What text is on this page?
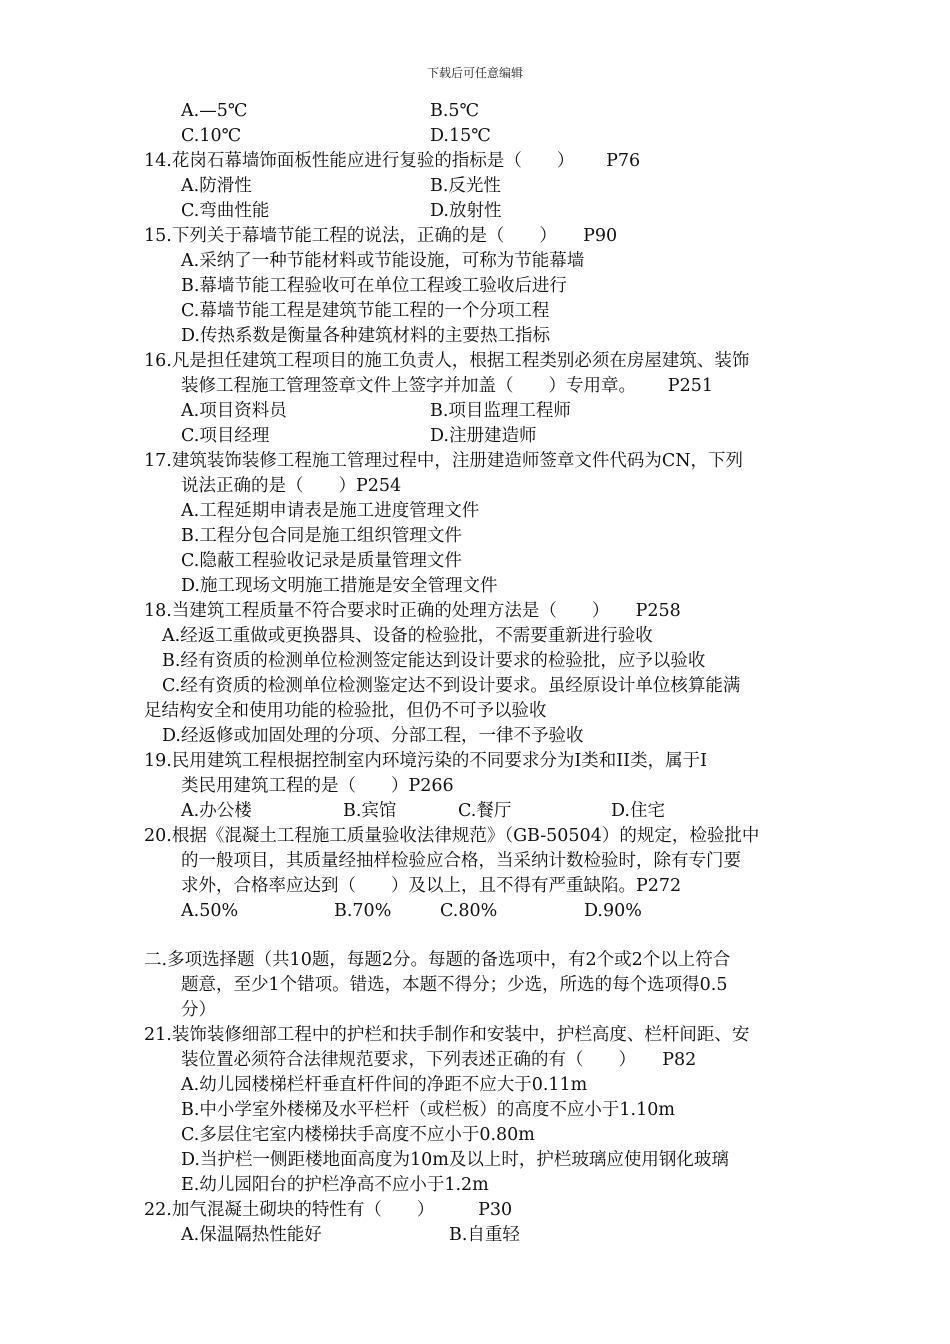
下载后可任意编辑
A.—5℃	B.5℃
C.10℃	D.15℃
14.花岗石幕墙饰面板性能应进行复验的指标是（　　）　　 P76
A.防滑性	B.反光性
C.弯曲性能	D.放射性
15.下列关于幕墙节能工程的说法，正确的是（　　）　　P90
A.采纳了一种节能材料或节能设施，可称为节能幕墙
B.幕墙节能工程验收可在单位工程竣工验收后进行
C.幕墙节能工程是建筑节能工程的一个分项工程
D.传热系数是衡量各种建筑材料的主要热工指标
16.凡是担任建筑工程项目的施工负责人，根据工程类别必须在房屋建筑、装饰
装修工程施工管理签章文件上签字并加盖（　　）专用章。　　 P251
A.项目资料员	B.项目监理工程师
C.项目经理	D.注册建造师
17.建筑装饰装修工程施工管理过程中，注册建造师签章文件代码为CN，下列
说法正确的是（　　）P254
A.工程延期申请表是施工进度管理文件
B.工程分包合同是施工组织管理文件
C.隐蔽工程验收记录是质量管理文件
D.施工现场文明施工措施是安全管理文件
18.当建筑工程质量不符合要求时正确的处理方法是（　　）　　P258
A.经返工重做或更换器具、设备的检验批，不需要重新进行验收
B.经有资质的检测单位检测签定能达到设计要求的检验批，应予以验收
C.经有资质的检测单位检测鉴定达不到设计要求。虽经原设计单位核算能满
足结构安全和使用功能的检验批，但仍不可予以验收
D.经返修或加固处理的分项、分部工程，一律不予验收
19.民用建筑工程根据控制室内环境污染的不同要求分为I类和II类，属于I
类民用建筑工程的是（　　）P266
A.办公楼	B.宾馆	C.餐厅	D.住宅
20.根据《混凝土工程施工质量验收法律规范》（GB-50504）的规定，检验批中
的一般项目，其质量经抽样检验应合格，当采纳计数检验时，除有专门要
求外，合格率应达到（　　）及以上，且不得有严重缺陷。P272
A.50%	B.70%	C.80%	D.90%
二.多项选择题（共10题，每题2分。每题的备选项中，有2个或2个以上符合
题意，至少1个错项。错选，本题不得分；少选，所选的每个选项得0.5
分）
21.装饰装修细部工程中的护栏和扶手制作和安装中，护栏高度、栏杆间距、安
装位置必须符合法律规范要求，下列表述正确的有（　　）　　P82
A.幼儿园楼梯栏杆垂直杆件间的净距不应大于0.11m
B.中小学室外楼梯及水平栏杆（或栏板）的高度不应小于1.10m
C.多层住宅室内楼梯扶手高度不应小于0.80m
D.当护栏一侧距楼地面高度为10m及以上时，护栏玻璃应使用钢化玻璃
E.幼儿园阳台的护栏净高不应小于1.2m
22.加气混凝土砌块的特性有（　　）　　　P30
A.保温隔热性能好	B.自重轻
